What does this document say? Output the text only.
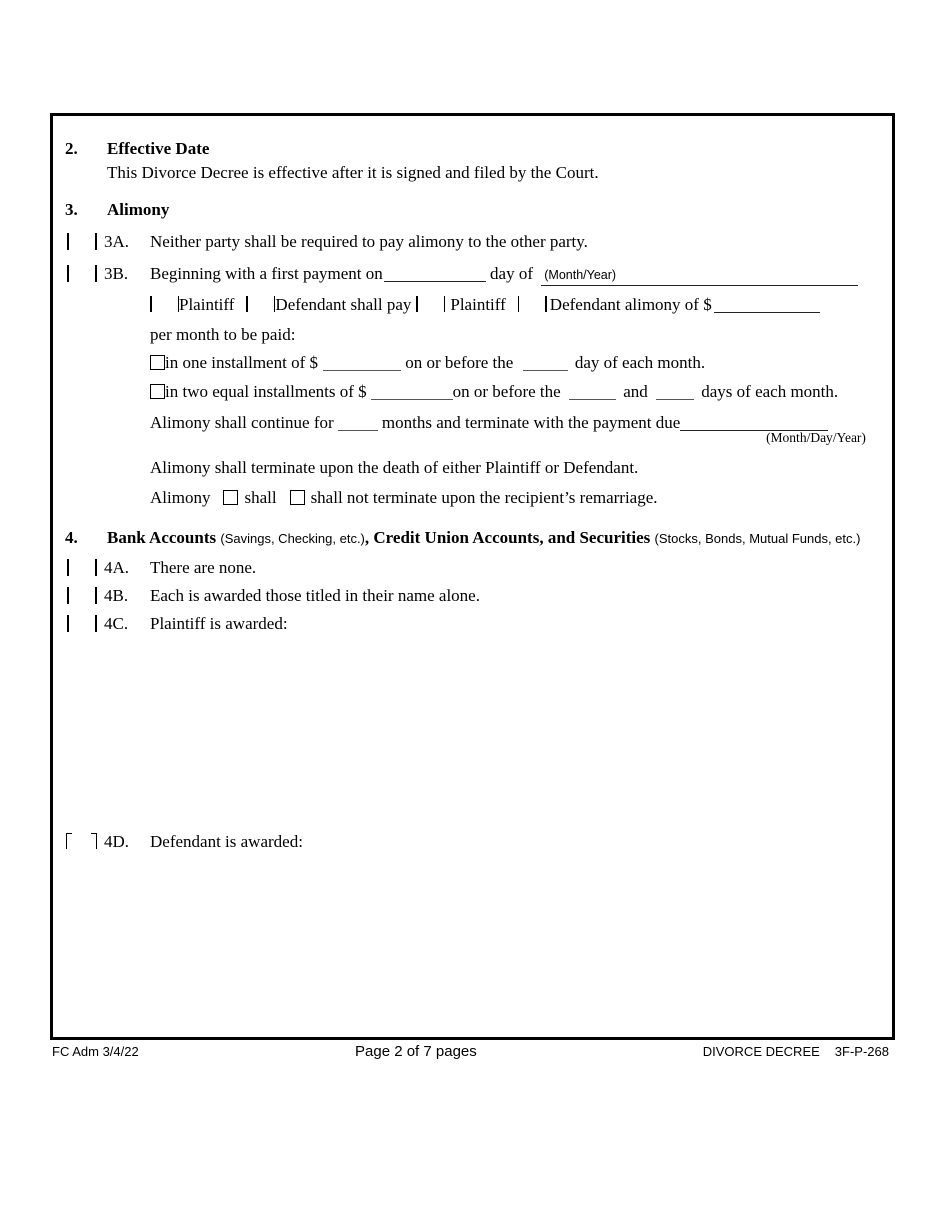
2. Effective Date
This Divorce Decree is effective after it is signed and filed by the Court.
3. Alimony
3A. Neither party shall be required to pay alimony to the other party.
3B. Beginning with a first payment on	day of (Month/Year)
Plaintiff Defendant shall pay Plaintiff	Defendant alimony of $
per month to be paid:
in one installment of $	on or before the	day of each month.
in two equal installments of $	on or before the	and	days of each month.
Alimony shall continue for	months and terminate with the payment due
(Month/Day/Year)
Alimony shall terminate upon the death of either Plaintiff or Defendant.
Alimony shall shall not terminate upon the recipient’s remarriage.
4. Bank Accounts (Savings, Checking, etc.), Credit Union Accounts, and Securities (Stocks, Bonds, Mutual Funds, etc.)
4A. There are none.
4B. Each is awarded those titled in their name alone.
4C. Plaintiff is awarded:
4D. Defendant is awarded:
FC Adm 3/4/22	Page 2 of 7 pages	DIVORCE DECREE 3F-P-268
